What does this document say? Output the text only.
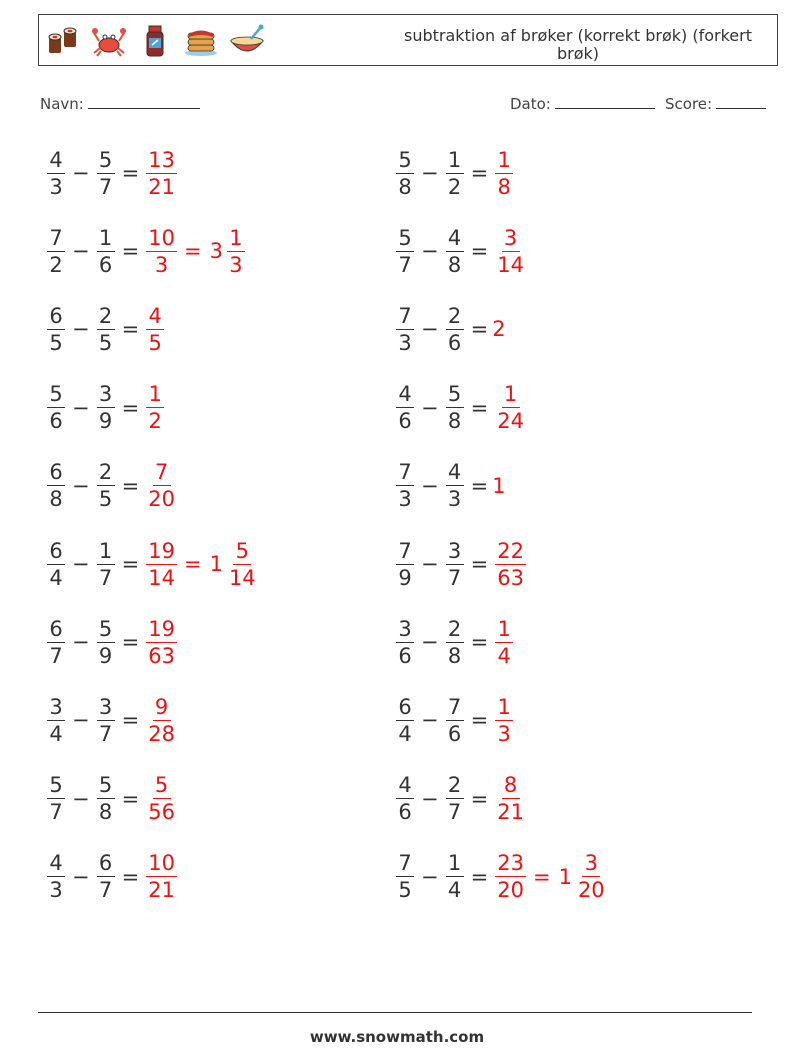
subtraktion af brøker (korrekt brøk) (forkert brøk)
Navn:	Dato:	Score:
$\frac{4}{3} - \frac{5}{7} = \frac{13}{21}$	$\frac{5}{8} - \frac{1}{2} = \frac{1}{8}$
$\frac{7}{2} - \frac{1}{6} = \frac{10}{3} = 3 \frac{1}{3}$	$\frac{5}{7} - \frac{4}{8} = \frac{3}{14}$
$\frac{6}{5} - \frac{2}{5} = \frac{4}{5}$	$\frac{7}{3} - \frac{2}{6} = 2$
$\frac{5}{6} - \frac{3}{9} = \frac{1}{2}$	$\frac{4}{6} - \frac{5}{8} = \frac{1}{24}$
$\frac{6}{8} - \frac{2}{5} = \frac{7}{20}$	$\frac{7}{3} - \frac{4}{3} = 1$
$\frac{6}{4} - \frac{1}{7} = \frac{19}{14} = 1 \frac{5}{14}$	$\frac{7}{9} - \frac{3}{7} = \frac{22}{63}$
$\frac{6}{7} - \frac{5}{9} = \frac{19}{63}$	$\frac{3}{6} - \frac{2}{8} = \frac{1}{4}$
$\frac{3}{4} - \frac{3}{7} = \frac{9}{28}$	$\frac{6}{4} - \frac{7}{6} = \frac{1}{3}$
$\frac{5}{7} - \frac{5}{8} = \frac{5}{56}$	$\frac{4}{6} - \frac{2}{7} = \frac{8}{21}$
$\frac{4}{3} - \frac{6}{7} = \frac{10}{21}$	$\frac{7}{5} - \frac{1}{4} = \frac{23}{20} = 1 \frac{3}{20}$
www.snowmath.com
